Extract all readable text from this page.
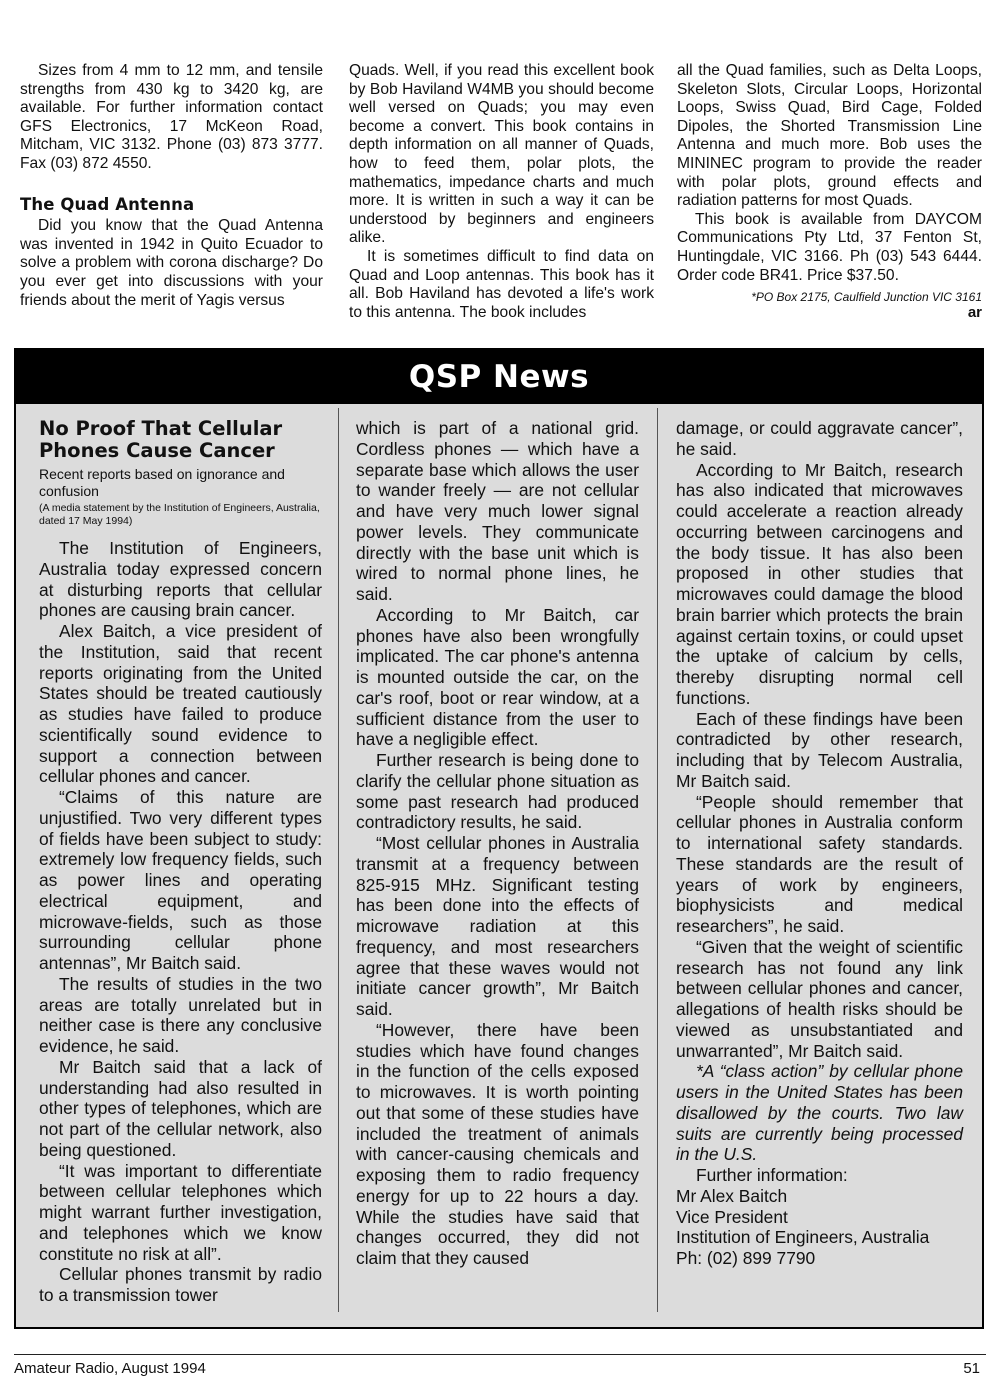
Sizes from 4 mm to 12 mm, and tensile strengths from 430 kg to 3420 kg, are available. For further information contact GFS Electronics, 17 McKeon Road, Mitcham, VIC 3132. Phone (03) 873 3777. Fax (03) 872 4550.

The Quad Antenna

Did you know that the Quad Antenna was invented in 1942 in Quito Ecuador to solve a problem with corona discharge? Do you ever get into discussions with your friends about the merit of Yagis versus

Quads. Well, if you read this excellent book by Bob Haviland W4MB you should become well versed on Quads; you may even become a convert. This book contains in depth information on all manner of Quads, how to feed them, polar plots, the mathematics, impedance charts and much more. It is written in such a way it can be understood by beginners and engineers alike.

It is sometimes difficult to find data on Quad and Loop antennas. This book has it all. Bob Haviland has devoted a life's work to this antenna. The book includes

all the Quad families, such as Delta Loops, Skeleton Slots, Circular Loops, Horizontal Loops, Swiss Quad, Bird Cage, Folded Dipoles, the Shorted Transmission Line Antenna and much more. Bob uses the MININEC program to provide the reader with polar plots, ground effects and radiation patterns for most Quads.

This book is available from DAYCOM Communications Pty Ltd, 37 Fenton St, Huntingdale, VIC 3166. Ph (03) 543 6444. Order code BR41. Price $37.50.

*PO Box 2175, Caulfield Junction VIC 3161
ar
QSP News
No Proof That Cellular Phones Cause Cancer
Recent reports based on ignorance and confusion
(A media statement by the Institution of Engineers, Australia, dated 17 May 1994)

The Institution of Engineers, Australia today expressed concern at disturbing reports that cellular phones are causing brain cancer.

Alex Baitch, a vice president of the Institution, said that recent reports originating from the United States should be treated cautiously as studies have failed to produce scientifically sound evidence to support a connection between cellular phones and cancer.

“Claims of this nature are unjustified. Two very different types of fields have been subject to study: extremely low frequency fields, such as power lines and operating electrical equipment, and microwave-fields, such as those surrounding cellular phone antennas”, Mr Baitch said.

The results of studies in the two areas are totally unrelated but in neither case is there any conclusive evidence, he said.

Mr Baitch said that a lack of understanding had also resulted in other types of telephones, which are not part of the cellular network, also being questioned.

“It was important to differentiate between cellular telephones which might warrant further investigation, and telephones which we know constitute no risk at all”.

Cellular phones transmit by radio to a transmission tower

which is part of a national grid. Cordless phones — which have a separate base which allows the user to wander freely — are not cellular and have very much lower signal power levels. They communicate directly with the base unit which is wired to normal phone lines, he said.

According to Mr Baitch, car phones have also been wrongfully implicated. The car phone's antenna is mounted outside the car, on the car's roof, boot or rear window, at a sufficient distance from the user to have a negligible effect.

Further research is being done to clarify the cellular phone situation as some past research had produced contradictory results, he said.

“Most cellular phones in Australia transmit at a frequency between 825-915 MHz. Significant testing has been done into the effects of microwave radiation at this frequency, and most researchers agree that these waves would not initiate cancer growth”, Mr Baitch said.

“However, there have been studies which have found changes in the function of the cells exposed to microwaves. It is worth pointing out that some of these studies have included the treatment of animals with cancer-causing chemicals and exposing them to radio frequency energy for up to 22 hours a day. While the studies have said that changes occurred, they did not claim that they caused

damage, or could aggravate cancer”, he said.

According to Mr Baitch, research has also indicated that microwaves could accelerate a reaction already occurring between carcinogens and the body tissue. It has also been proposed in other studies that microwaves could damage the blood brain barrier which protects the brain against certain toxins, or could upset the uptake of calcium by cells, thereby disrupting normal cell functions.

Each of these findings have been contradicted by other research, including that by Telecom Australia, Mr Baitch said.

“People should remember that cellular phones in Australia conform to international safety standards. These standards are the result of years of work by engineers, biophysicists and medical researchers”, he said.

“Given that the weight of scientific research has not found any link between cellular phones and cancer, allegations of health risks should be viewed as unsubstantiated and unwarranted”, Mr Baitch said.

*A “class action” by cellular phone users in the United States has been disallowed by the courts. Two law suits are currently being processed in the U.S.

Further information:

Mr Alex Baitch
Vice President
Institution of Engineers, Australia
Ph: (02) 899 7790
Amateur Radio, August 1994	51
